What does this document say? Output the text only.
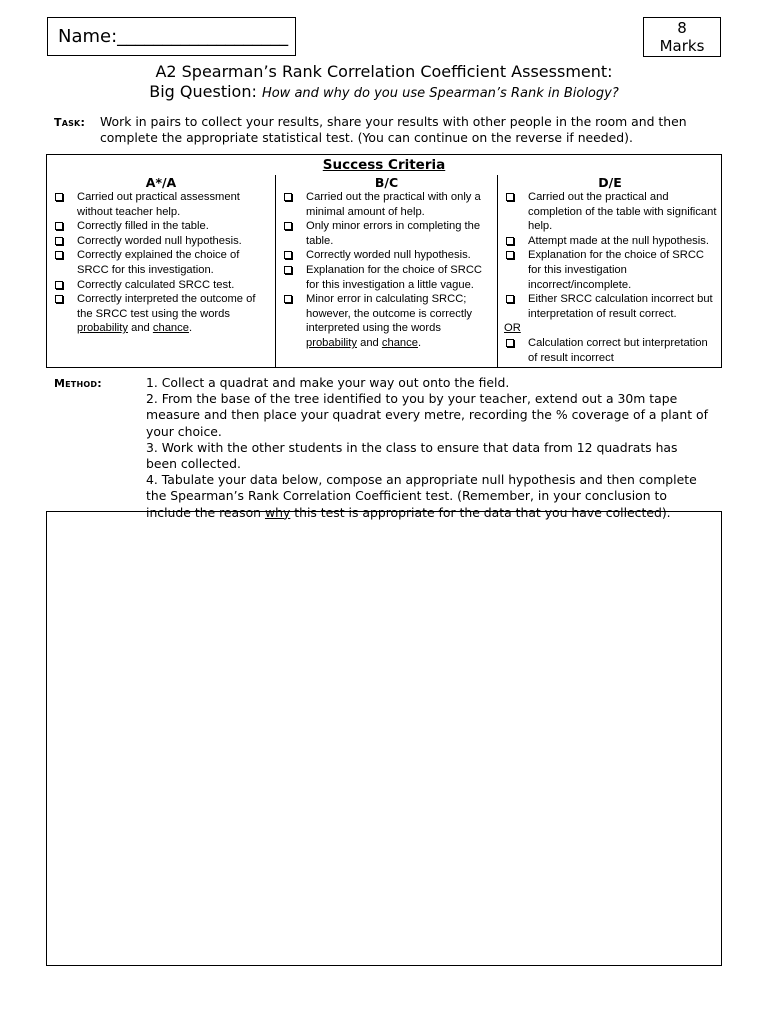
Name:___________________	8
Marks
A2 Spearman’s Rank Correlation Coefficient Assessment:
Big Question: How and why do you use Spearman’s Rank in Biology?
Task: Work in pairs to collect your results, share your results with other people in the room and then complete the appropriate statistical test. (You can continue on the reverse if needed).
Success Criteria
A*/A
Carried out practical assessment without teacher help.
Correctly filled in the table.
Correctly worded null hypothesis.
Correctly explained the choice of SRCC for this investigation.
Correctly calculated SRCC test.
Correctly interpreted the outcome of the SRCC test using the words probability and chance.
B/C
Carried out the practical with only a minimal amount of help.
Only minor errors in completing the table.
Correctly worded null hypothesis.
Explanation for the choice of SRCC for this investigation a little vague.
Minor error in calculating SRCC; however, the outcome is correctly interpreted using the words probability and chance.
D/E
Carried out the practical and completion of the table with significant help.
Attempt made at the null hypothesis.
Explanation for the choice of SRCC for this investigation incorrect/incomplete.
Either SRCC calculation incorrect but interpretation of result correct.
OR
Calculation correct but interpretation of result incorrect
Method:	1. Collect a quadrat and make your way out onto the field.

2. From the base of the tree identified to you by your teacher, extend out a 30m tape measure and then place your quadrat every metre, recording the % coverage of a plant of your choice.

3. Work with the other students in the class to ensure that data from 12 quadrats has been collected.

4. Tabulate your data below, compose an appropriate null hypothesis and then complete the Spearman’s Rank Correlation Coefficient test. (Remember, in your conclusion to include the reason why this test is appropriate for the data that you have collected).
